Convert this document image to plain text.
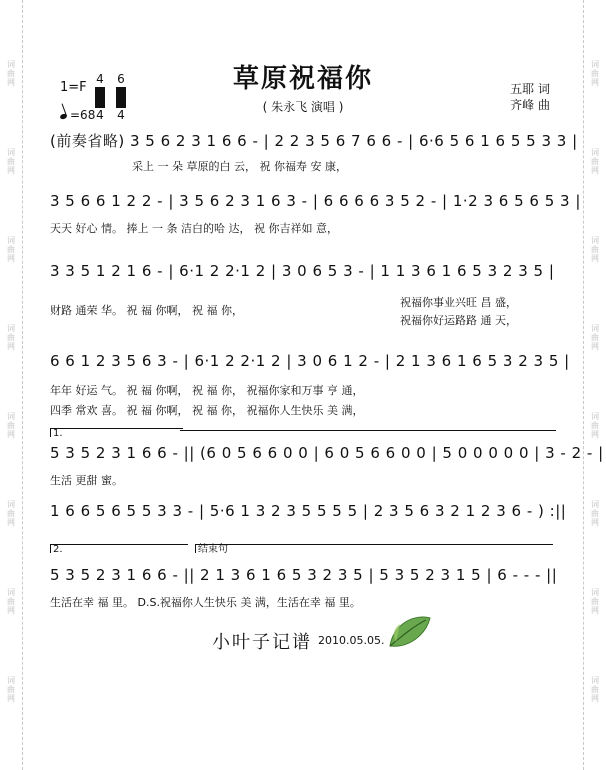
词
曲
网
词
曲
网
词
曲
网
词
曲
网
词
曲
网
词
曲
网
词
曲
网
词
曲
网
词
曲
网
词
曲
网
词
曲
网
词
曲
网
词
曲
网
词
曲
网
词
曲
网
词
曲
网
草原祝福你
( 朱永飞 演唱 )
1=F
4
4
6
4
=68
五耶 词
齐峰 曲
(前奏省略) 3 5 6 2 3 1 6 6 - | 2 2 3 5 6 7 6 6 - | 6·6 5 6 1 6 5 5 3 3 |
采上 一 朵 草原的白 云， 祝 你福寿 安 康，
3 5 6 6 1 2 2 - | 3 5 6 2 3 1 6 3 - | 6 6 6 6 3 5 2 - | 1·2 3 6 5 6 5 3 |
天天 好心 情。 捧上 一 条 洁白的哈 达， 祝 你吉祥如 意，
3 3 5 1 2 1 6 - | 6·1 2 2·1 2 | 3 0 6 5 3 - | 1 1 3 6 1 6 5 3 2 3 5 |
财路 通荣 华。 祝 福 你啊， 祝 福 你，
祝福你事业兴旺 昌 盛，
祝福你好运路路 通 天，
6 6 1 2 3 5 6 3 - | 6·1 2 2·1 2 | 3 0 6 1 2 - | 2 1 3 6 1 6 5 3 2 3 5 |
年年 好运 气。 祝 福 你啊， 祝 福 你， 祝福你家和万事 亨 通，
四季 常欢 喜。 祝 福 你啊， 祝 福 你， 祝福你人生快乐 美 满，
1.
5 3 5 2 3 1 6 6 - || (6 0 5 6 6 0 0 | 6 0 5 6 6 0 0 | 5 0 0 0 0 0 | 3 - 2 - |
生活 更甜 蜜。
1 6 6 5 6 5 5 3 3 - | 5·6 1 3 2 3 5 5 5 5 | 2 3 5 6 3 2 1 2 3 6 - ) :||
2.	结束句
5 3 5 2 3 1 6 6 - || 2 1 3 6 1 6 5 3 2 3 5 | 5 3 5 2 3 1 5 | 6 - - - ||
生活在幸 福 里。 D.S.祝福你人生快乐 美 满，生活在幸 福 里。
小叶子记谱 2010.05.05.
